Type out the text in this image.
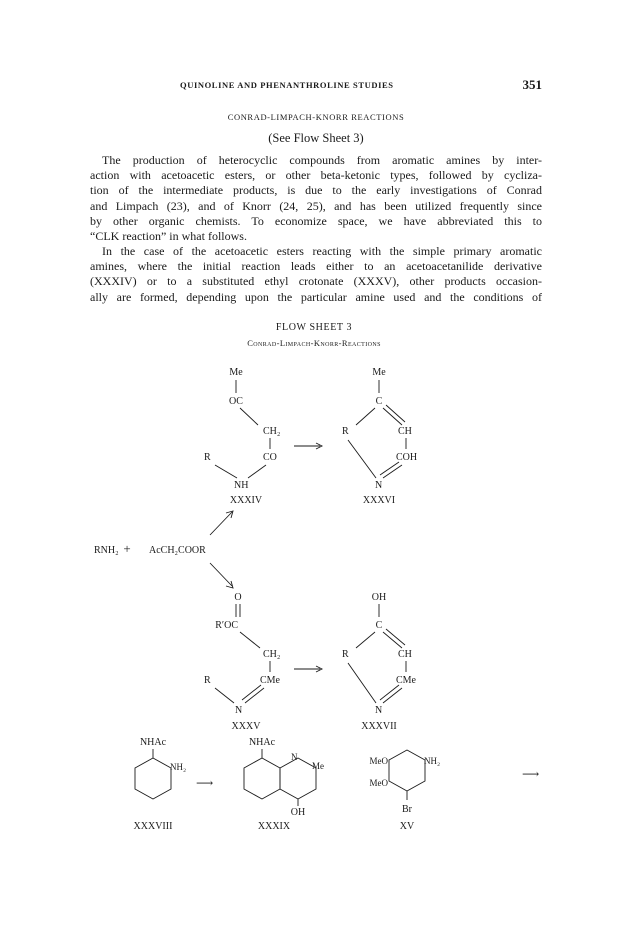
QUINOLINE AND PHENANTHROLINE STUDIES	351
CONRAD-LIMPACH-KNORR REACTIONS
(See Flow Sheet 3)

The production of heterocyclic compounds from aromatic amines by inter-
action with acetoacetic esters, or other beta-ketonic types, followed by cycliza-
tion of the intermediate products, is due to the early investigations of Conrad
and Limpach (23), and of Knorr (24, 25), and has been utilized frequently since
by other organic chemists. To economize space, we have abbreviated this to
“CLK reaction” in what follows.

In the case of the acetoacetic esters reacting with the simple primary aromatic
amines, where the initial reaction leads either to an acetoacetanilide derivative
(XXXIV) or to a substituted ethyl crotonate (XXXV), other products occasion-
ally are formed, depending upon the particular amine used and the conditions of

FLOW SHEET 3
Conrad-Limpach-Knorr-Reactions
Me
OC
CH₂
R	CO
NH
XXXIV
Me
C
R	CH
COH
N
XXXVI
RNH₂ + AcCH₂COOR
O
R′OC
CH₂
R	CMe
N
XXXV
OH
C
R	CH
CMe
N
XXXVII
NHAc
NH₂
XXXVIII
⟶
NHAc
N
Me
OH
XXXIX
MeO
MeO
NH₂
Br
XV
⟶
